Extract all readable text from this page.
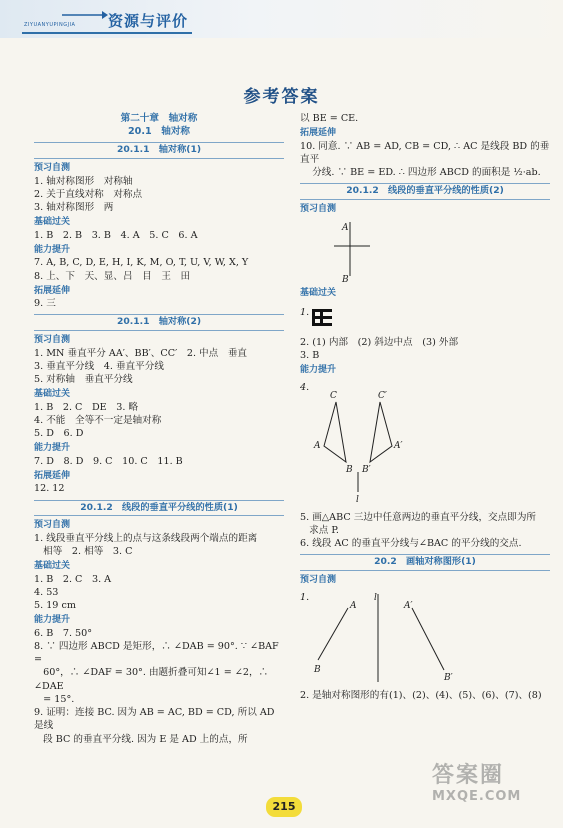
ZIYUANYUPINGJIA 资源与评价
参考答案
第二十章　轴对称
20.1　轴对称
20.1.1　轴对称(1)
预习自测
1. 轴对称图形　对称轴
2. 关于直线对称　对称点
3. 轴对称图形　两
基础过关
1. B　2. B　3. B　4. A　5. C　6. A
能力提升
7. A, B, C, D, E, H, I, K, M, O, T, U, V, W, X, Y
8. 上、下　天、显、吕　目　王　田
拓展延伸
9. 三
20.1.1　轴对称(2)
预习自测
1. MN 垂直平分 AA′、BB′、CC′　2. 中点　垂直
3. 垂直平分线　4. 垂直平分线
5. 对称轴　垂直平分线
基础过关
1. B　2. C　DE　3. 略
4. 不能　全等不一定是轴对称
5. D　6. D
能力提升
7. D　8. D　9. C　10. C　11. B
拓展延伸
12. 12
20.1.2　线段的垂直平分线的性质(1)
预习自测
1. 线段垂直平分线上的点与这条线段两个端点的距离
相等　2. 相等　3. C
基础过关
1. B　2. C　3. A
4. 53
5. 19 cm
能力提升
6. B　7. 50°
8. ∵ 四边形 ABCD 是矩形，∴ ∠DAB = 90°. ∵ ∠BAF =
60°，∴ ∠DAF = 30°. 由题折叠可知∠1 = ∠2，∴ ∠DAE
= 15°.
9. 证明：连接 BC. 因为 AB = AC, BD = CD, 所以 AD 是线
段 BC 的垂直平分线. 因为 E 是 AD 上的点，所
以 BE = CE.
拓展延伸
10. 同意. ∵ AB = AD, CB = CD, ∴ AC 是线段 BD 的垂直平
分线. ∵ BE = ED. ∴ 四边形 ABCD 的面积是 ½·ab.
20.1.2　线段的垂直平分线的性质(2)
预习自测
A
B
基础过关
1.
2. (1) 内部　(2) 斜边中点　(3) 外部
3. B
能力提升
4.
C	C′
A	A′
B B′
l
5. 画△ABC 三边中任意两边的垂直平分线，交点即为所
求点 P.
6. 线段 AC 的垂直平分线与∠BAC 的平分线的交点.
20.2　画轴对称图形(1)
预习自测
1.	l
A	A′
B
B′
2. 是轴对称图形的有(1)、(2)、(4)、(5)、(6)、(7)、(8)
215
答案圈
MXQE.COM
